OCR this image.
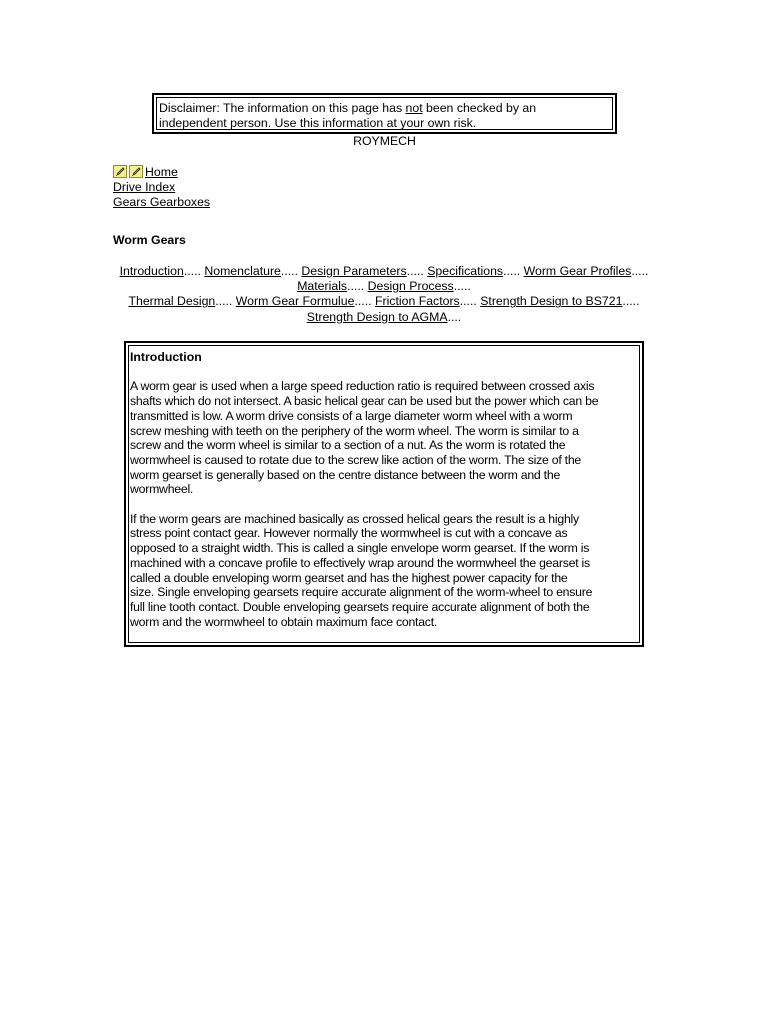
Disclaimer: The information on this page has not been checked by an
independent person. Use this information at your own risk.
ROYMECH
Home
Drive Index
Gears Gearboxes
Worm Gears
Introduction..... Nomenclature..... Design Parameters..... Specifications..... Worm Gear Profiles.....
Materials..... Design Process.....
Thermal Design..... Worm Gear Formulue..... Friction Factors..... Strength Design to BS721.....
Strength Design to AGMA....
Introduction

A worm gear is used when a large speed reduction ratio is required between crossed axis
shafts which do not intersect. A basic helical gear can be used but the power which can be
transmitted is low. A worm drive consists of a large diameter worm wheel with a worm
screw meshing with teeth on the periphery of the worm wheel. The worm is similar to a
screw and the worm wheel is similar to a section of a nut. As the worm is rotated the
wormwheel is caused to rotate due to the screw like action of the worm. The size of the
worm gearset is generally based on the centre distance between the worm and the
wormwheel.

If the worm gears are machined basically as crossed helical gears the result is a highly
stress point contact gear. However normally the wormwheel is cut with a concave as
opposed to a straight width. This is called a single envelope worm gearset. If the worm is
machined with a concave profile to effectively wrap around the wormwheel the gearset is
called a double enveloping worm gearset and has the highest power capacity for the
size. Single enveloping gearsets require accurate alignment of the worm-wheel to ensure
full line tooth contact. Double enveloping gearsets require accurate alignment of both the
worm and the wormwheel to obtain maximum face contact.
